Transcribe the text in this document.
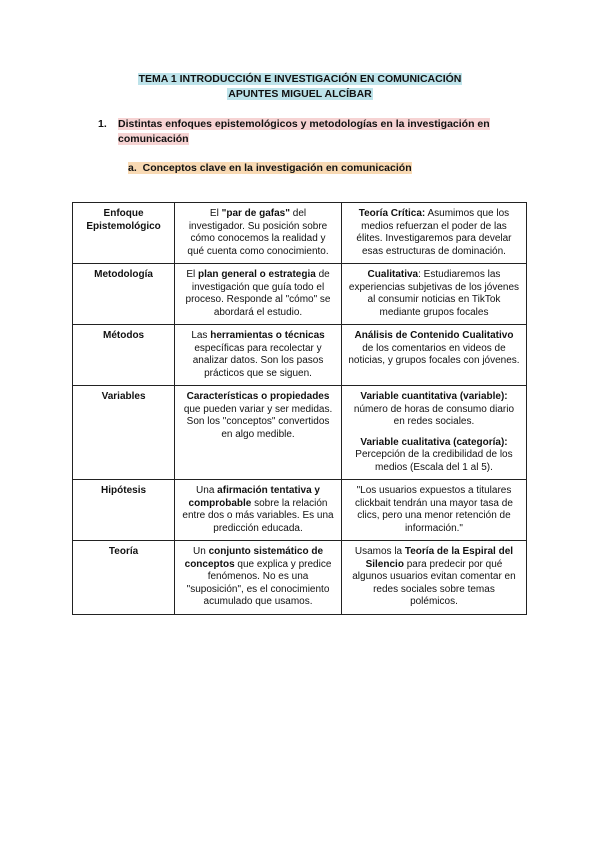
TEMA 1 INTRODUCCIÓN E INVESTIGACIÓN EN COMUNICACIÓN
APUNTES MIGUEL ALCÍBAR
1. Distintas enfoques epistemológicos y metodologías en la investigación en comunicación
a. Conceptos clave en la investigación en comunicación
Enfoque Epistemológico	El "par de gafas" del investigador. Su posición sobre cómo conocemos la realidad y qué cuenta como conocimiento.	Teoría Crítica: Asumimos que los medios refuerzan el poder de las élites. Investigaremos para develar esas estructuras de dominación.
Metodología	El plan general o estrategia de investigación que guía todo el proceso. Responde al "cómo" se abordará el estudio.	Cualitativa: Estudiaremos las experiencias subjetivas de los jóvenes al consumir noticias en TikTok mediante grupos focales
Métodos	Las herramientas o técnicas específicas para recolectar y analizar datos. Son los pasos prácticos que se siguen.	Análisis de Contenido Cualitativo de los comentarios en videos de noticias, y grupos focales con jóvenes.
Variables	Características o propiedades que pueden variar y ser medidas. Son los "conceptos" convertidos en algo medible.	Variable cuantitativa (variable): número de horas de consumo diario en redes sociales.
Variable cualitativa (categoría): Percepción de la credibilidad de los medios (Escala del 1 al 5).

Hipótesis	Una afirmación tentativa y comprobable sobre la relación entre dos o más variables. Es una predicción educada.	"Los usuarios expuestos a titulares clickbait tendrán una mayor tasa de clics, pero una menor retención de información."
Teoría	Un conjunto sistemático de conceptos que explica y predice fenómenos. No es una "suposición", es el conocimiento acumulado que usamos.	Usamos la Teoría de la Espiral del Silencio para predecir por qué algunos usuarios evitan comentar en redes sociales sobre temas polémicos.
